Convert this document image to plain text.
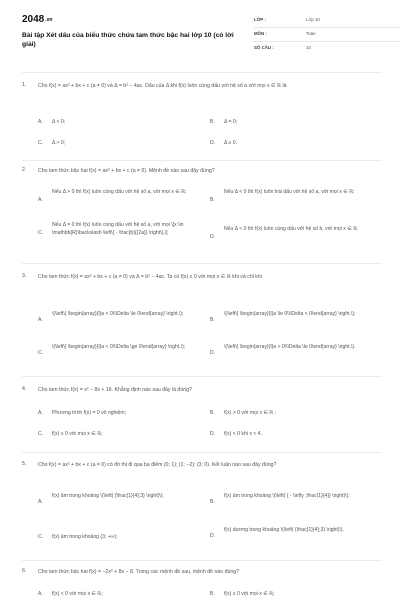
$2048^{.vn}$
Bài tập Xét dấu của biểu thức chứa tam thức bậc hai lớp 10 (có lời giải)
LỚP :	Lớp 10
MÔN :	Toán
SỐ CÂU :	10
1. Cho f(x) = ax² + bx + c (a ≠ 0) và Δ = b² − 4ac. Dấu của Δ khi f(x) luôn cùng dấu với hệ số a với mọi x ∈ ℝ là
A. Δ < 0;	B. Δ = 0;
C. Δ > 0;	D. Δ ≥ 0.
2. Cho tam thức bậc hai f(x) = ax² + bx + c (a ≠ 0). Mệnh đề nào sau đây đúng?
A.
Nếu Δ > 0 thì f(x) luôn cùng dấu với hệ số a, với mọi x ∈ ℝ;
B.
Nếu Δ < 0 thì f(x) luôn trái dấu với hệ số a, với mọi x ∈ ℝ;
C.
Nếu Δ = 0 thì f(x) luôn cùng dấu với hệ số a, với mọi \[x \in \mathbb{R}\backslash \left\{ - \frac{b}{{2a}} \right\},\]
D.
Nếu Δ < 0 thì f(x) luôn cùng dấu với hệ số b, với mọi x ∈ ℝ.
3. Cho tam thức f(x) = ax² + bx + c (a ≠ 0) và Δ = b² − 4ac. Ta có f(x) ≤ 0 với mọi x ∈ ℝ khi và chỉ khi
A.
\(\left\{ \begin{array}{l}a < 0\\\Delta \le 0\end{array} \right.\);
B.
\(\left\{ \begin{array}{l}a \le 0\\\Delta < 0\end{array} \right.\);
C.
\(\left\{ \begin{array}{l}a < 0\\\Delta \ge 0\end{array} \right.\);
D.
\(\left\{ \begin{array}{l}a > 0\\\Delta \le 0\end{array} \right.\).
4. Cho tam thức f(x) = x² − 8x + 16. Khẳng định nào sau đây là đúng?
A. Phương trình f(x) = 0 vô nghiệm;	B. f(x) > 0 với mọi x ∈ ℝ ;
C. f(x) ≥ 0 với mọi x ∈ ℝ;	D. f(x) < 0 khi x < 4.
5. Cho f(x) = ax² + bx + c (a ≠ 0) có đồ thị đi qua ba điểm (0; 1); (1; −2); (3; 0). Kết luận nào sau đây đúng?
A.
f(x) âm trong khoảng \(\left( {\frac{1}{4};3} \right)\);
B.
f(x) âm trong khoảng \(\left( { - \infty ;\frac{1}{4}} \right)\);
C. f(x) âm trong khoảng (3; +∞);	D.
f(x) dương trong khoảng \(\left( {\frac{1}{4};3} \right)\).
6. Cho tam thức bậc hai f(x) = −2x² + 8x − 8. Trong các mệnh đề sau, mệnh đề nào đúng?
A. f(x) < 0 với mọi x ∈ ℝ;	B. f(x) ≥ 0 với mọi x ∈ ℝ;
